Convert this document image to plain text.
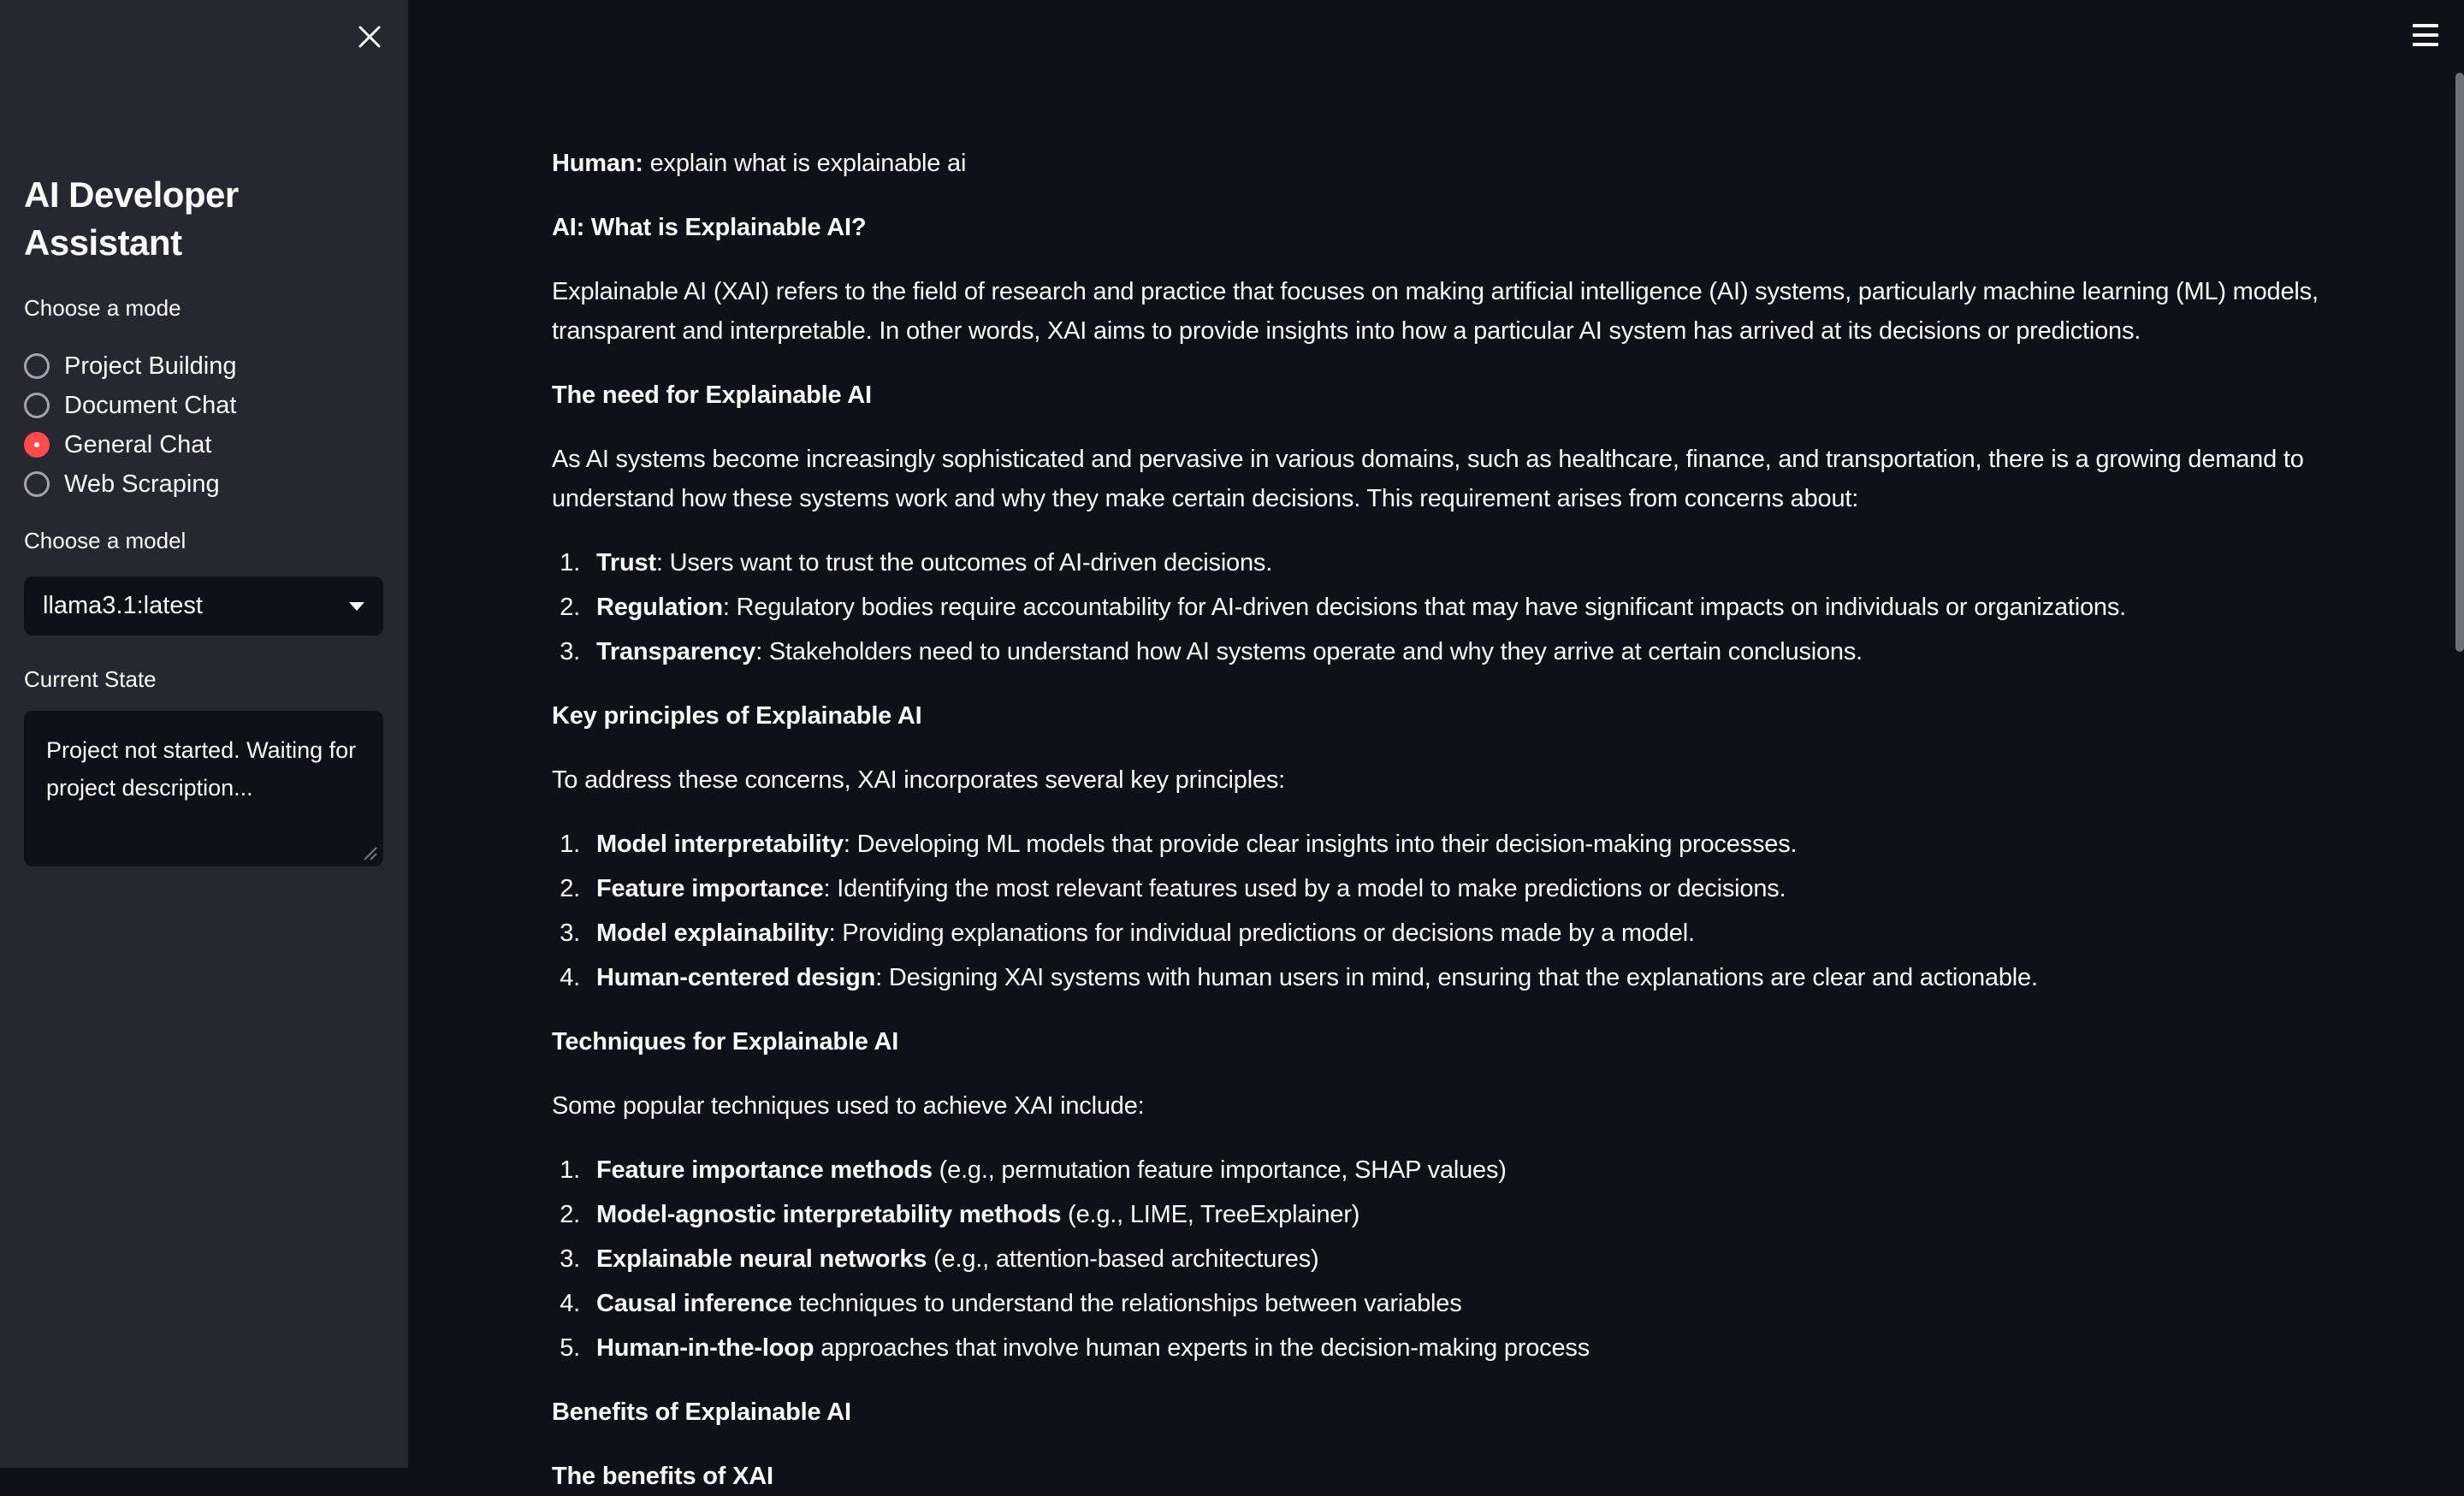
AI Developer Assistant
Choose a mode
Project Building
Document Chat
General Chat
Web Scraping
Choose a model
llama3.1:latest
Current State
Project not started. Waiting for project description...

Human: explain what is explainable ai

AI: What is Explainable AI?

Explainable AI (XAI) refers to the field of research and practice that focuses on making artificial intelligence (AI) systems, particularly machine learning (ML) models, transparent and interpretable. In other words, XAI aims to provide insights into how a particular AI system has arrived at its decisions or predictions.

The need for Explainable AI

As AI systems become increasingly sophisticated and pervasive in various domains, such as healthcare, finance, and transportation, there is a growing demand to understand how these systems work and why they make certain decisions. This requirement arises from concerns about:

1. Trust: Users want to trust the outcomes of AI-driven decisions.
2. Regulation: Regulatory bodies require accountability for AI-driven decisions that may have significant impacts on individuals or organizations.
3. Transparency: Stakeholders need to understand how AI systems operate and why they arrive at certain conclusions.

Key principles of Explainable AI

To address these concerns, XAI incorporates several key principles:

1. Model interpretability: Developing ML models that provide clear insights into their decision-making processes.
2. Feature importance: Identifying the most relevant features used by a model to make predictions or decisions.
3. Model explainability: Providing explanations for individual predictions or decisions made by a model.
4. Human-centered design: Designing XAI systems with human users in mind, ensuring that the explanations are clear and actionable.

Techniques for Explainable AI

Some popular techniques used to achieve XAI include:

1. Feature importance methods (e.g., permutation feature importance, SHAP values)
2. Model-agnostic interpretability methods (e.g., LIME, TreeExplainer)
3. Explainable neural networks (e.g., attention-based architectures)
4. Causal inference techniques to understand the relationships between variables
5. Human-in-the-loop approaches that involve human experts in the decision-making process

Benefits of Explainable AI

The benefits of XAI
